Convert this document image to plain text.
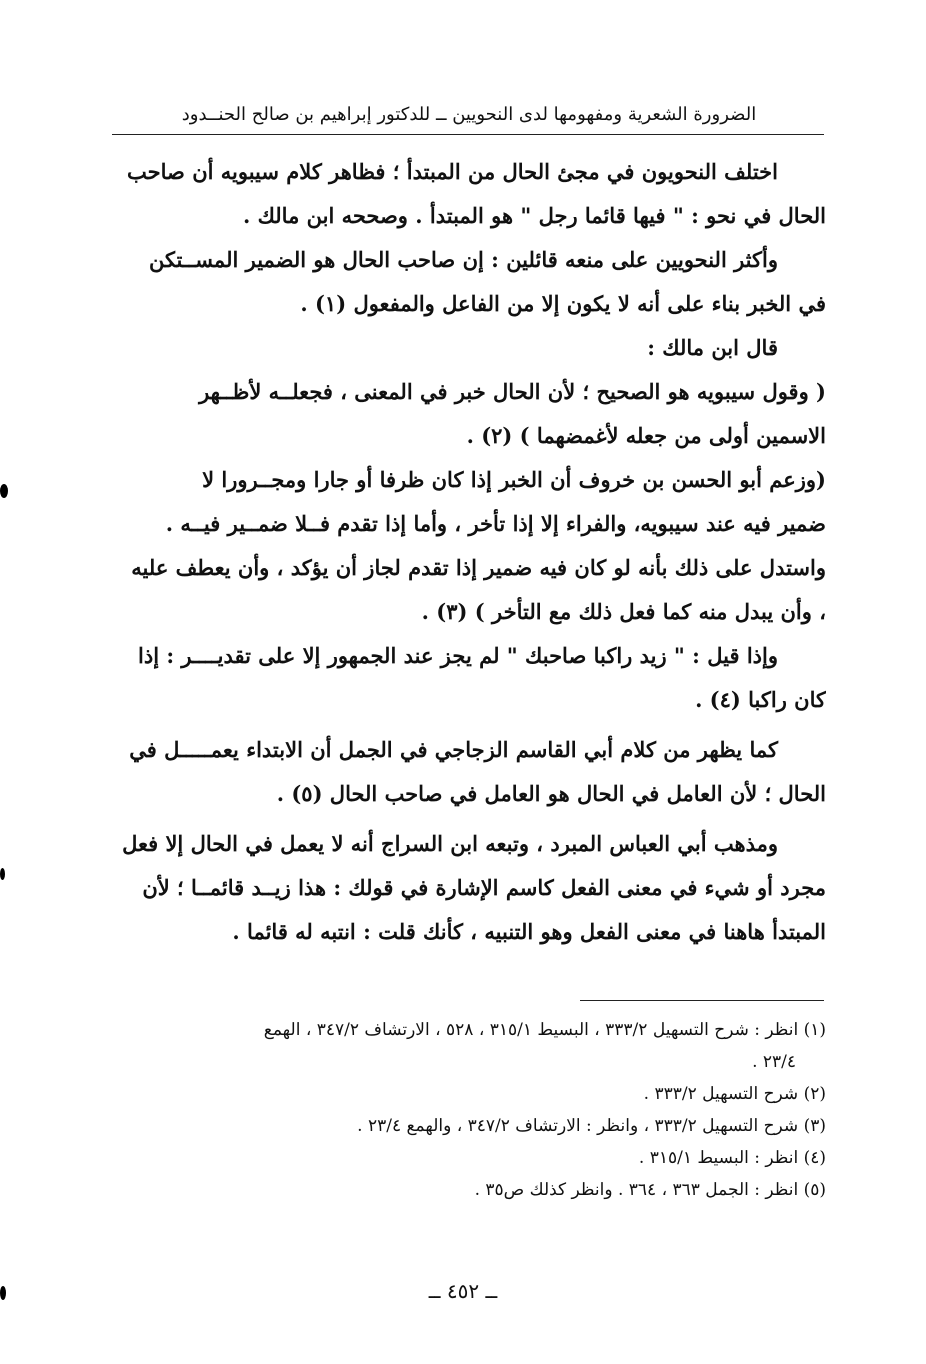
الضرورة الشعرية ومفهومها لدى النحويين ــ للدكتور إبراهيم بن صالح الحنــدود
اختلف النحويون في مجئ الحال من المبتدأ ؛ فظاهر كلام سيبويه أن صاحب
الحال في نحو : " فيها قائما رجل " هو المبتدأ . وصححه ابن مالك .
وأكثر النحويين على منعه قائلين : إن صاحب الحال هو الضمير المســتكن
في الخبر بناء على أنه لا يكون إلا من الفاعل والمفعول (١) .
قال ابن مالك :
( وقول سيبويه هو الصحيح ؛ لأن الحال خبر في المعنى ، فجعلــه لأظــهر
الاسمين أولى من جعله لأغمضهما ) (٢) .
(وزعم أبو الحسن بن خروف أن الخبر إذا كان ظرفا أو جارا ومجــرورا لا
ضمير فيه عند سيبويه، والفراء إلا إذا تأخر ، وأما إذا تقدم فــلا ضمــير فيــه .
واستدل على ذلك بأنه لو كان فيه ضمير إذا تقدم لجاز أن يؤكد ، وأن يعطف عليه
، وأن يبدل منه كما فعل ذلك مع التأخر ) (٣) .
وإذا قيل : " زيد راكبا صاحبك " لم يجز عند الجمهور إلا على تقديــــر : إذا
كان راكبا (٤) .
كما يظهر من كلام أبي القاسم الزجاجي في الجمل أن الابتداء يعمـــــل في
الحال ؛ لأن العامل في الحال هو العامل في صاحب الحال (٥) .
ومذهب أبي العباس المبرد ، وتبعه ابن السراج أنه لا يعمل في الحال إلا فعل
مجرد أو شيء في معنى الفعل كاسم الإشارة في قولك : هذا زيــد قائمــا ؛ لأن
المبتدأ هاهنا في معنى الفعل وهو التنبيه ، كأنك قلت : انتبه له قائما .
(١) انظر : شرح التسهيل ٣٣٣/٢ ، البسيط ٣١٥/١ ، ٥٢٨ ، الارتشاف ٣٤٧/٢ ، الهمع
٢٣/٤ .
(٢) شرح التسهيل ٣٣٣/٢ .
(٣) شرح التسهيل ٣٣٣/٢ ، وانظر : الارتشاف ٣٤٧/٢ ، والهمع ٢٣/٤ .
(٤) انظر : البسيط ٣١٥/١ .
(٥) انظر : الجمل ٣٦٣ ، ٣٦٤ . وانظر كذلك ص٣٥ .
ــ ٤٥٢ ــ
